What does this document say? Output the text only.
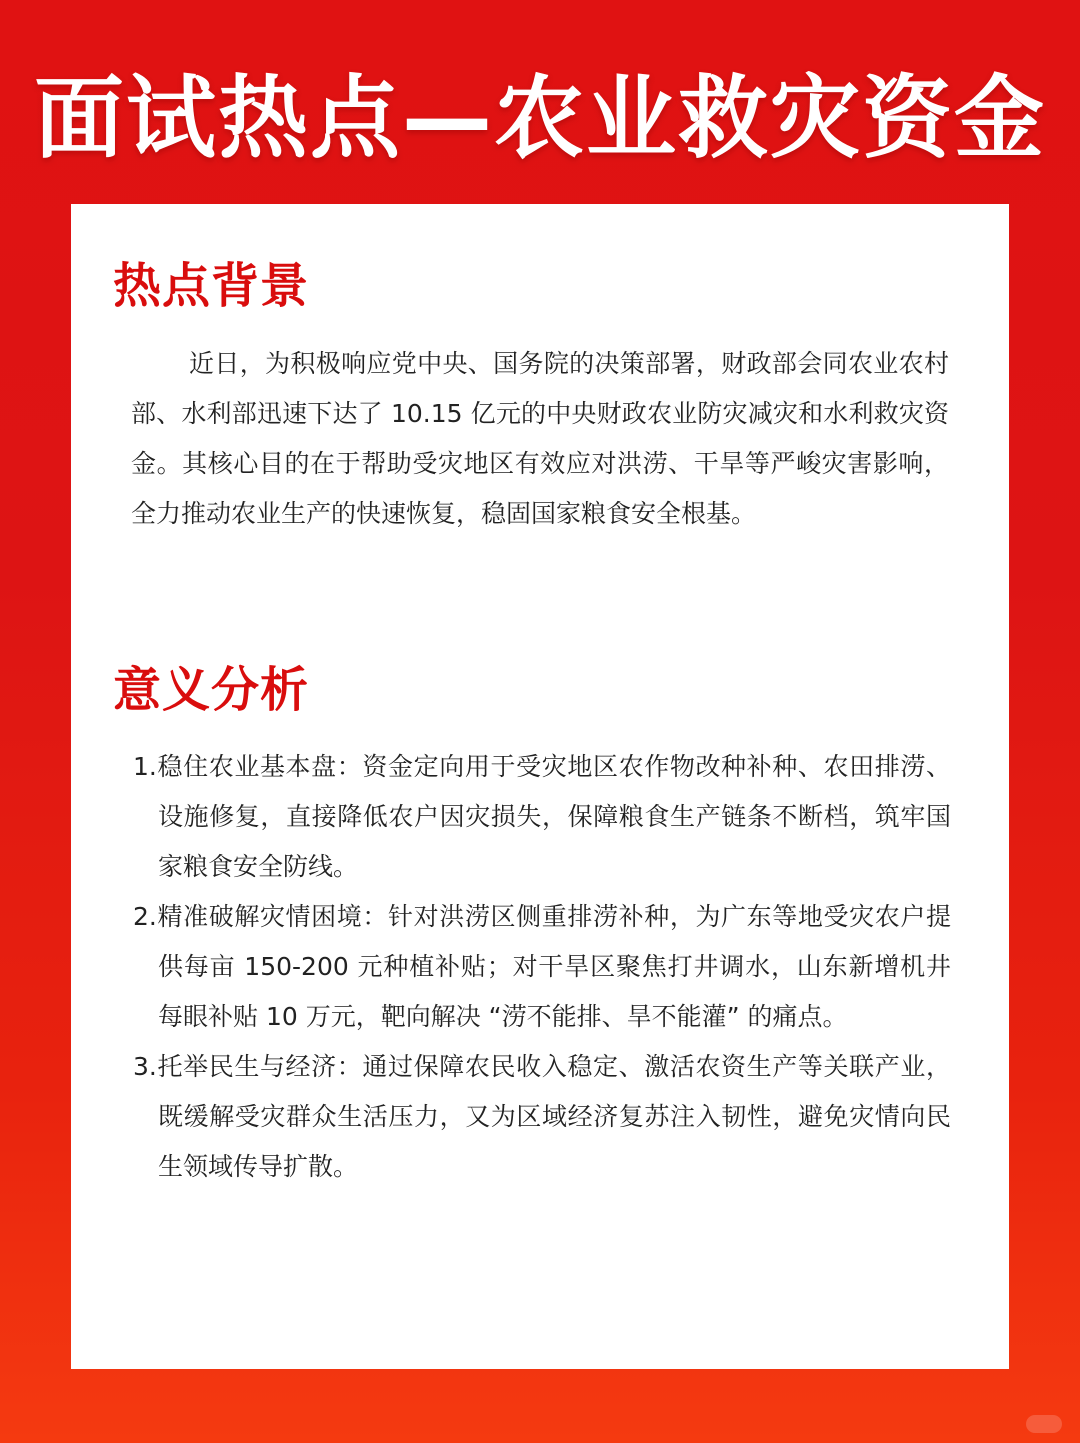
面试热点—农业救灾资金
热点背景

近日，为积极响应党中央、国务院的决策部署，财政部会同农业农村部、水利部迅速下达了 10.15 亿元的中央财政农业防灾减灾和水利救灾资金。其核心目的在于帮助受灾地区有效应对洪涝、干旱等严峻灾害影响，全力推动农业生产的快速恢复，稳固国家粮食安全根基。

意义分析
1.稳住农业基本盘：资金定向用于受灾地区农作物改种补种、农田排涝、设施修复，直接降低农户因灾损失，保障粮食生产链条不断档，筑牢国家粮食安全防线。
2.精准破解灾情困境：针对洪涝区侧重排涝补种，为广东等地受灾农户提供每亩 150-200 元种植补贴；对干旱区聚焦打井调水，山东新增机井每眼补贴 10 万元，靶向解决 “涝不能排、旱不能灌” 的痛点。
3.托举民生与经济：通过保障农民收入稳定、激活农资生产等关联产业，既缓解受灾群众生活压力，又为区域经济复苏注入韧性，避免灾情向民生领域传导扩散。
